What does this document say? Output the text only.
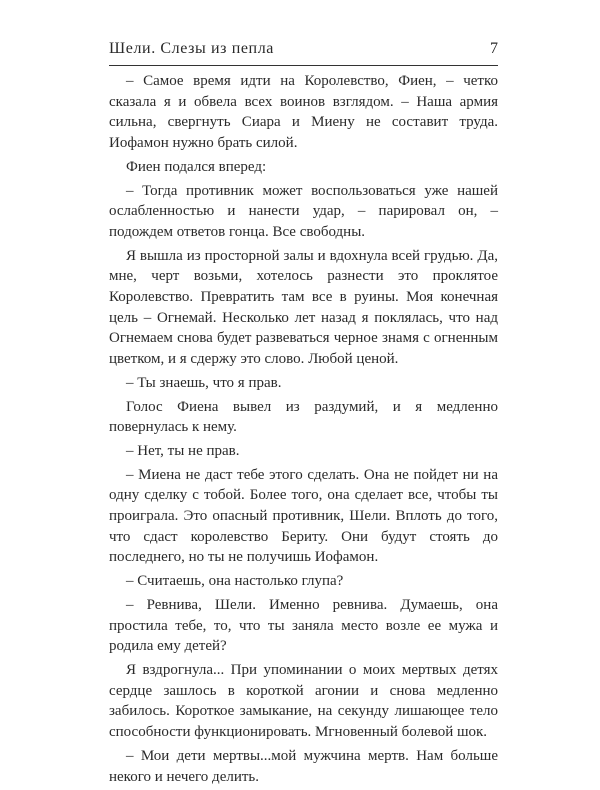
Шели. Слезы из пепла	7

– Самое время идти на Королевство, Фиен, – четко сказала я и обвела всех воинов взглядом. – Наша армия сильна, свергнуть Сиара и Миену не составит труда. Иофамон нужно брать силой.

Фиен подался вперед:

– Тогда противник может воспользоваться уже нашей ослабленностью и нанести удар, – парировал он, – подождем ответов гонца. Все свободны.

Я вышла из просторной залы и вдохнула всей грудью. Да, мне, черт возьми, хотелось разнести это проклятое Королевство. Превратить там все в руины. Моя конечная цель – Огнемай. Несколько лет назад я поклялась, что над Огнемаем снова будет развеваться черное знамя с огненным цветком, и я сдержу это слово. Любой ценой.

– Ты знаешь, что я прав.

Голос Фиена вывел из раздумий, и я медленно повернулась к нему.

– Нет, ты не прав.

– Миена не даст тебе этого сделать. Она не пойдет ни на одну сделку с тобой. Более того, она сделает все, чтобы ты проиграла. Это опасный противник, Шели. Вплоть до того, что сдаст королевство Бериту. Они будут стоять до последнего, но ты не получишь Иофамон.

– Считаешь, она настолько глупа?

– Ревнива, Шели. Именно ревнива. Думаешь, она простила тебе, то, что ты заняла место возле ее мужа и родила ему детей?

Я вздрогнула... При упоминании о моих мертвых детях сердце зашлось в короткой агонии и снова медленно забилось. Короткое замыкание, на секунду лишающее тело способности функционировать. Мгновенный болевой шок.

– Мои дети мертвы...мой мужчина мертв. Нам больше некого и нечего делить.
